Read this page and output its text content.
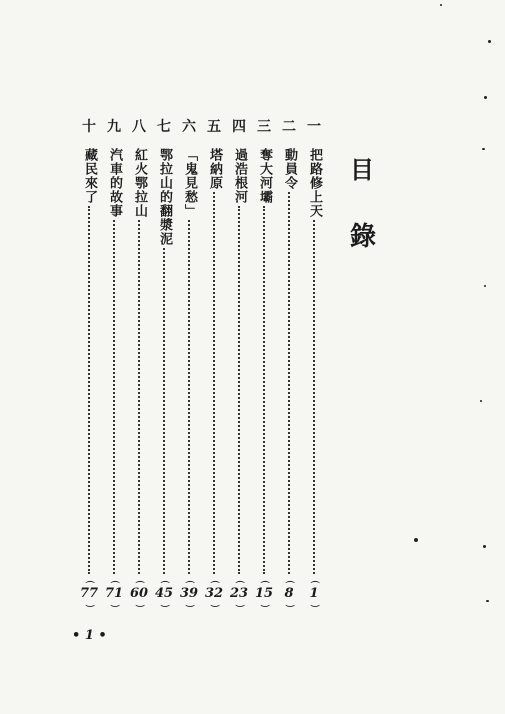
目
錄
一
把路修上天
(
1
)
二
動員令
(
8
)
三
奪大河壩
(
15
)
四
過浩根河
(
23
)
五
塔納原
(
32
)
六
「鬼見愁」
(
39
)
七
鄂拉山的翻漿泥
(
45
)
八
紅火鄂拉山
(
60
)
九
汽車的故事
(
71
)
十
藏民來了
(
77
)
• 1 •
